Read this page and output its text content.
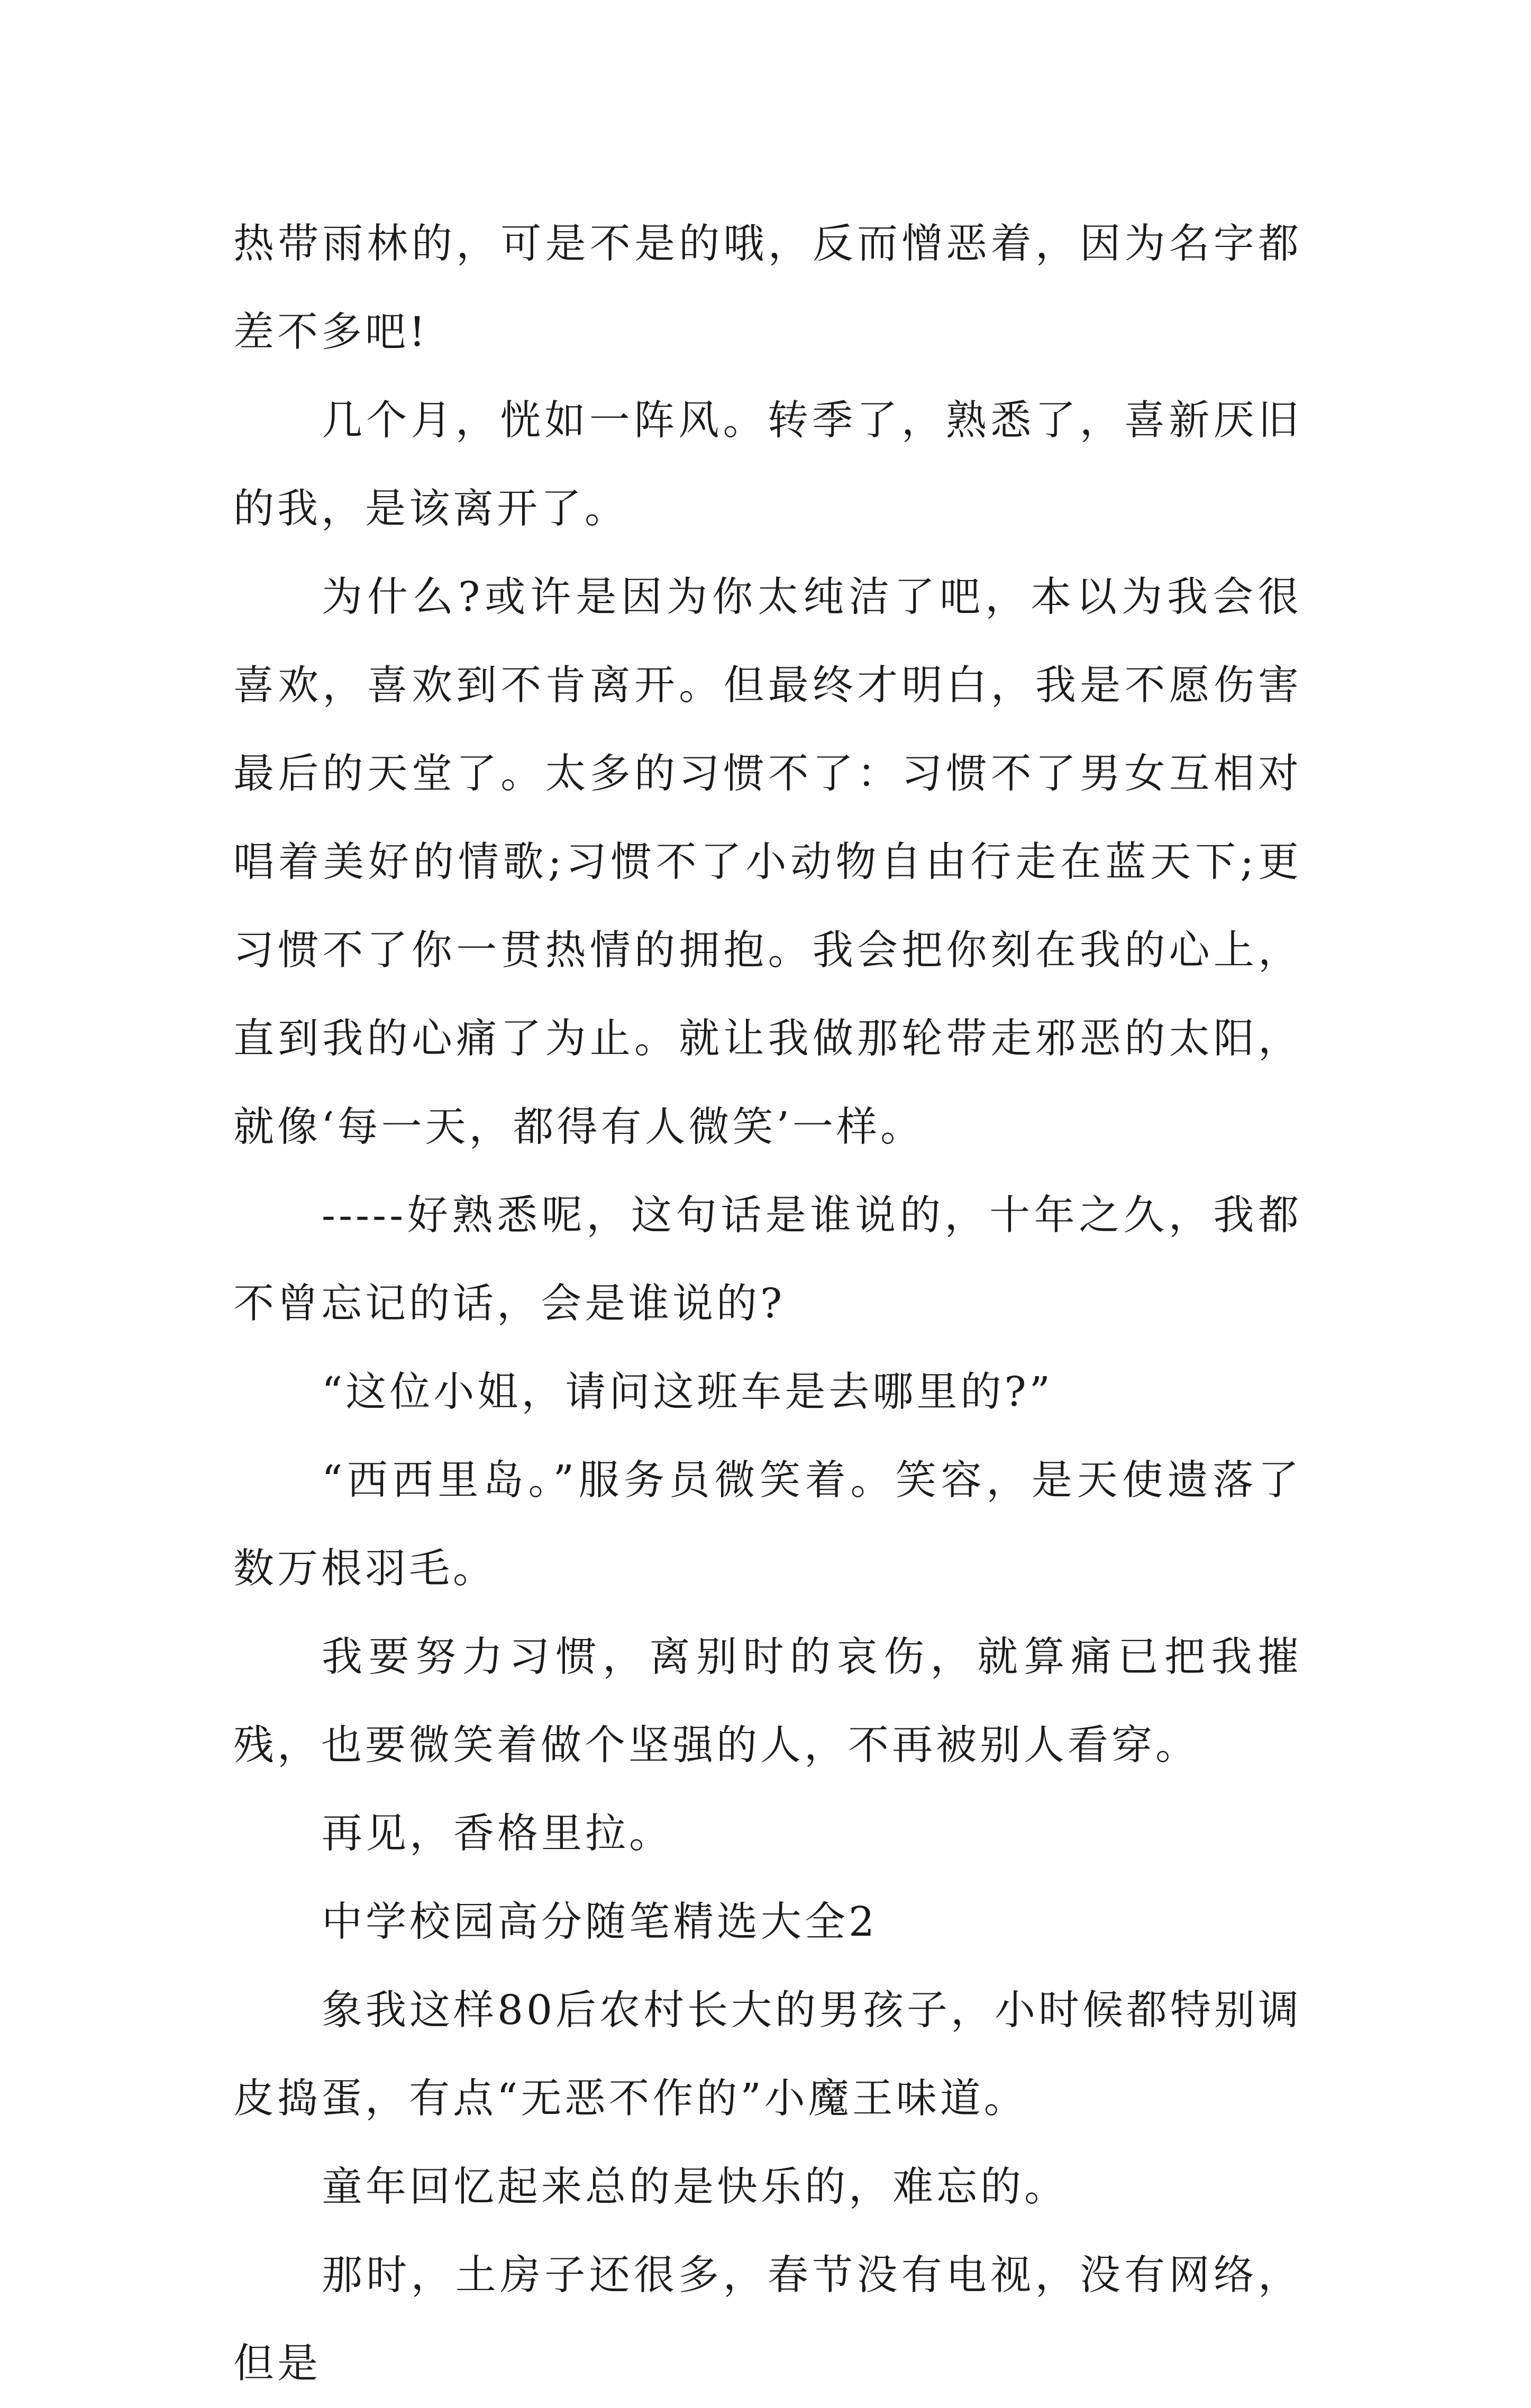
热带雨林的，可是不是的哦，反而憎恶着，因为名字都差不多吧!

几个月，恍如一阵风。转季了，熟悉了，喜新厌旧的我，是该离开了。

为什么?或许是因为你太纯洁了吧，本以为我会很喜欢，喜欢到不肯离开。但最终才明白，我是不愿伤害最后的天堂了。太多的习惯不了：习惯不了男女互相对唱着美好的情歌;习惯不了小动物自由行走在蓝天下;更习惯不了你一贯热情的拥抱。我会把你刻在我的心上，直到我的心痛了为止。就让我做那轮带走邪恶的太阳，就像‘每一天，都得有人微笑’一样。

-----好熟悉呢，这句话是谁说的，十年之久，我都不曾忘记的话，会是谁说的?

“这位小姐，请问这班车是去哪里的?”

“西西里岛。”服务员微笑着。笑容，是天使遗落了数万根羽毛。

我要努力习惯，离别时的哀伤，就算痛已把我摧残，也要微笑着做个坚强的人，不再被别人看穿。

再见，香格里拉。

中学校园高分随笔精选大全2

象我这样80后农村长大的男孩子，小时候都特别调皮捣蛋，有点“无恶不作的”小魔王味道。

童年回忆起来总的是快乐的，难忘的。

那时，土房子还很多，春节没有电视，没有网络，但是
